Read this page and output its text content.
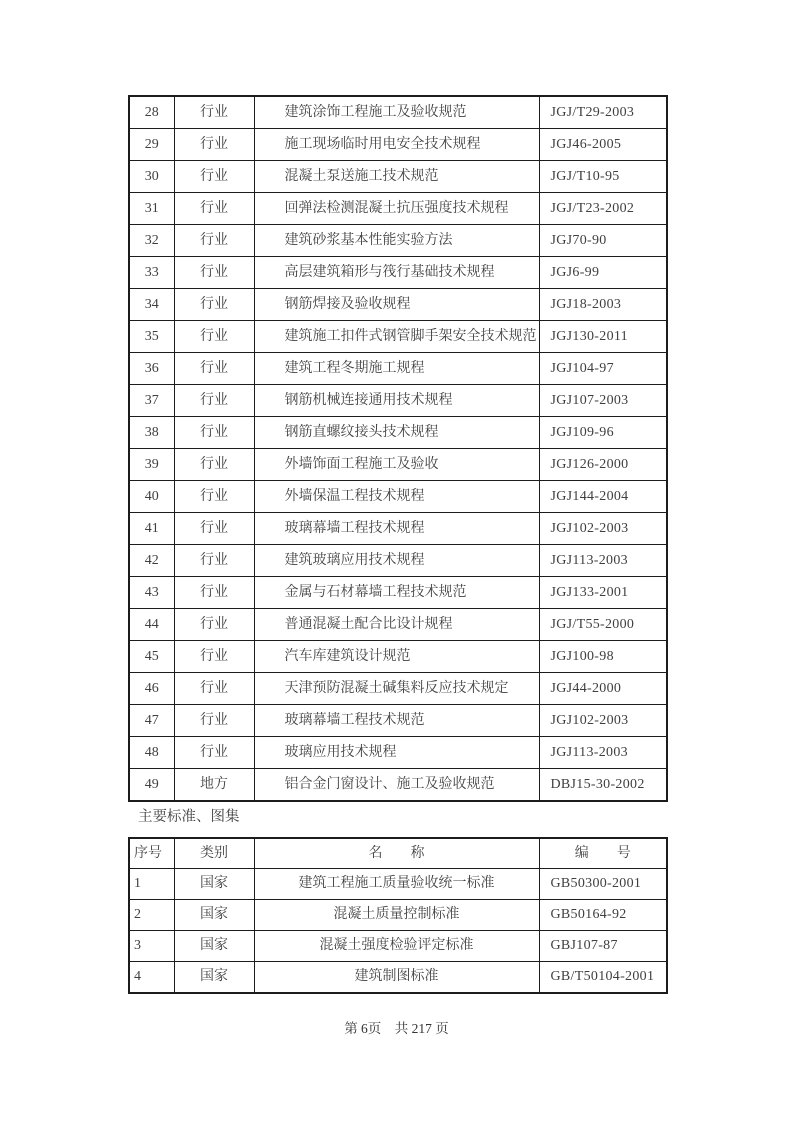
28	行业	建筑涂饰工程施工及验收规范	JGJ/T29-2003
29	行业	施工现场临时用电安全技术规程	JGJ46-2005
30	行业	混凝土泵送施工技术规范	JGJ/T10-95
31	行业	回弹法检测混凝土抗压强度技术规程	JGJ/T23-2002
32	行业	建筑砂浆基本性能实验方法	JGJ70-90
33	行业	高层建筑箱形与筏行基础技术规程	JGJ6-99
34	行业	钢筋焊接及验收规程	JGJ18-2003
35	行业	建筑施工扣件式钢管脚手架安全技术规范	JGJ130-2011
36	行业	建筑工程冬期施工规程	JGJ104-97
37	行业	钢筋机械连接通用技术规程	JGJ107-2003
38	行业	钢筋直螺纹接头技术规程	JGJ109-96
39	行业	外墙饰面工程施工及验收	JGJ126-2000
40	行业	外墙保温工程技术规程	JGJ144-2004
41	行业	玻璃幕墙工程技术规程	JGJ102-2003
42	行业	建筑玻璃应用技术规程	JGJ113-2003
43	行业	金属与石材幕墙工程技术规范	JGJ133-2001
44	行业	普通混凝土配合比设计规程	JGJ/T55-2000
45	行业	汽车库建筑设计规范	JGJ100-98
46	行业	天津预防混凝土碱集料反应技术规定	JGJ44-2000
47	行业	玻璃幕墙工程技术规范	JGJ102-2003
48	行业	玻璃应用技术规程	JGJ113-2003
49	地方	铝合金门窗设计、施工及验收规范	DBJ15-30-2002
主要标准、图集
序号	类别	名　　称	编　　号
1	国家	建筑工程施工质量验收统一标准	GB50300-2001
2	国家	混凝土质量控制标准	GB50164-92
3	国家	混凝土强度检验评定标准	GBJ107-87
4	国家	建筑制图标准	GB/T50104-2001
第 6页　共 217 页
